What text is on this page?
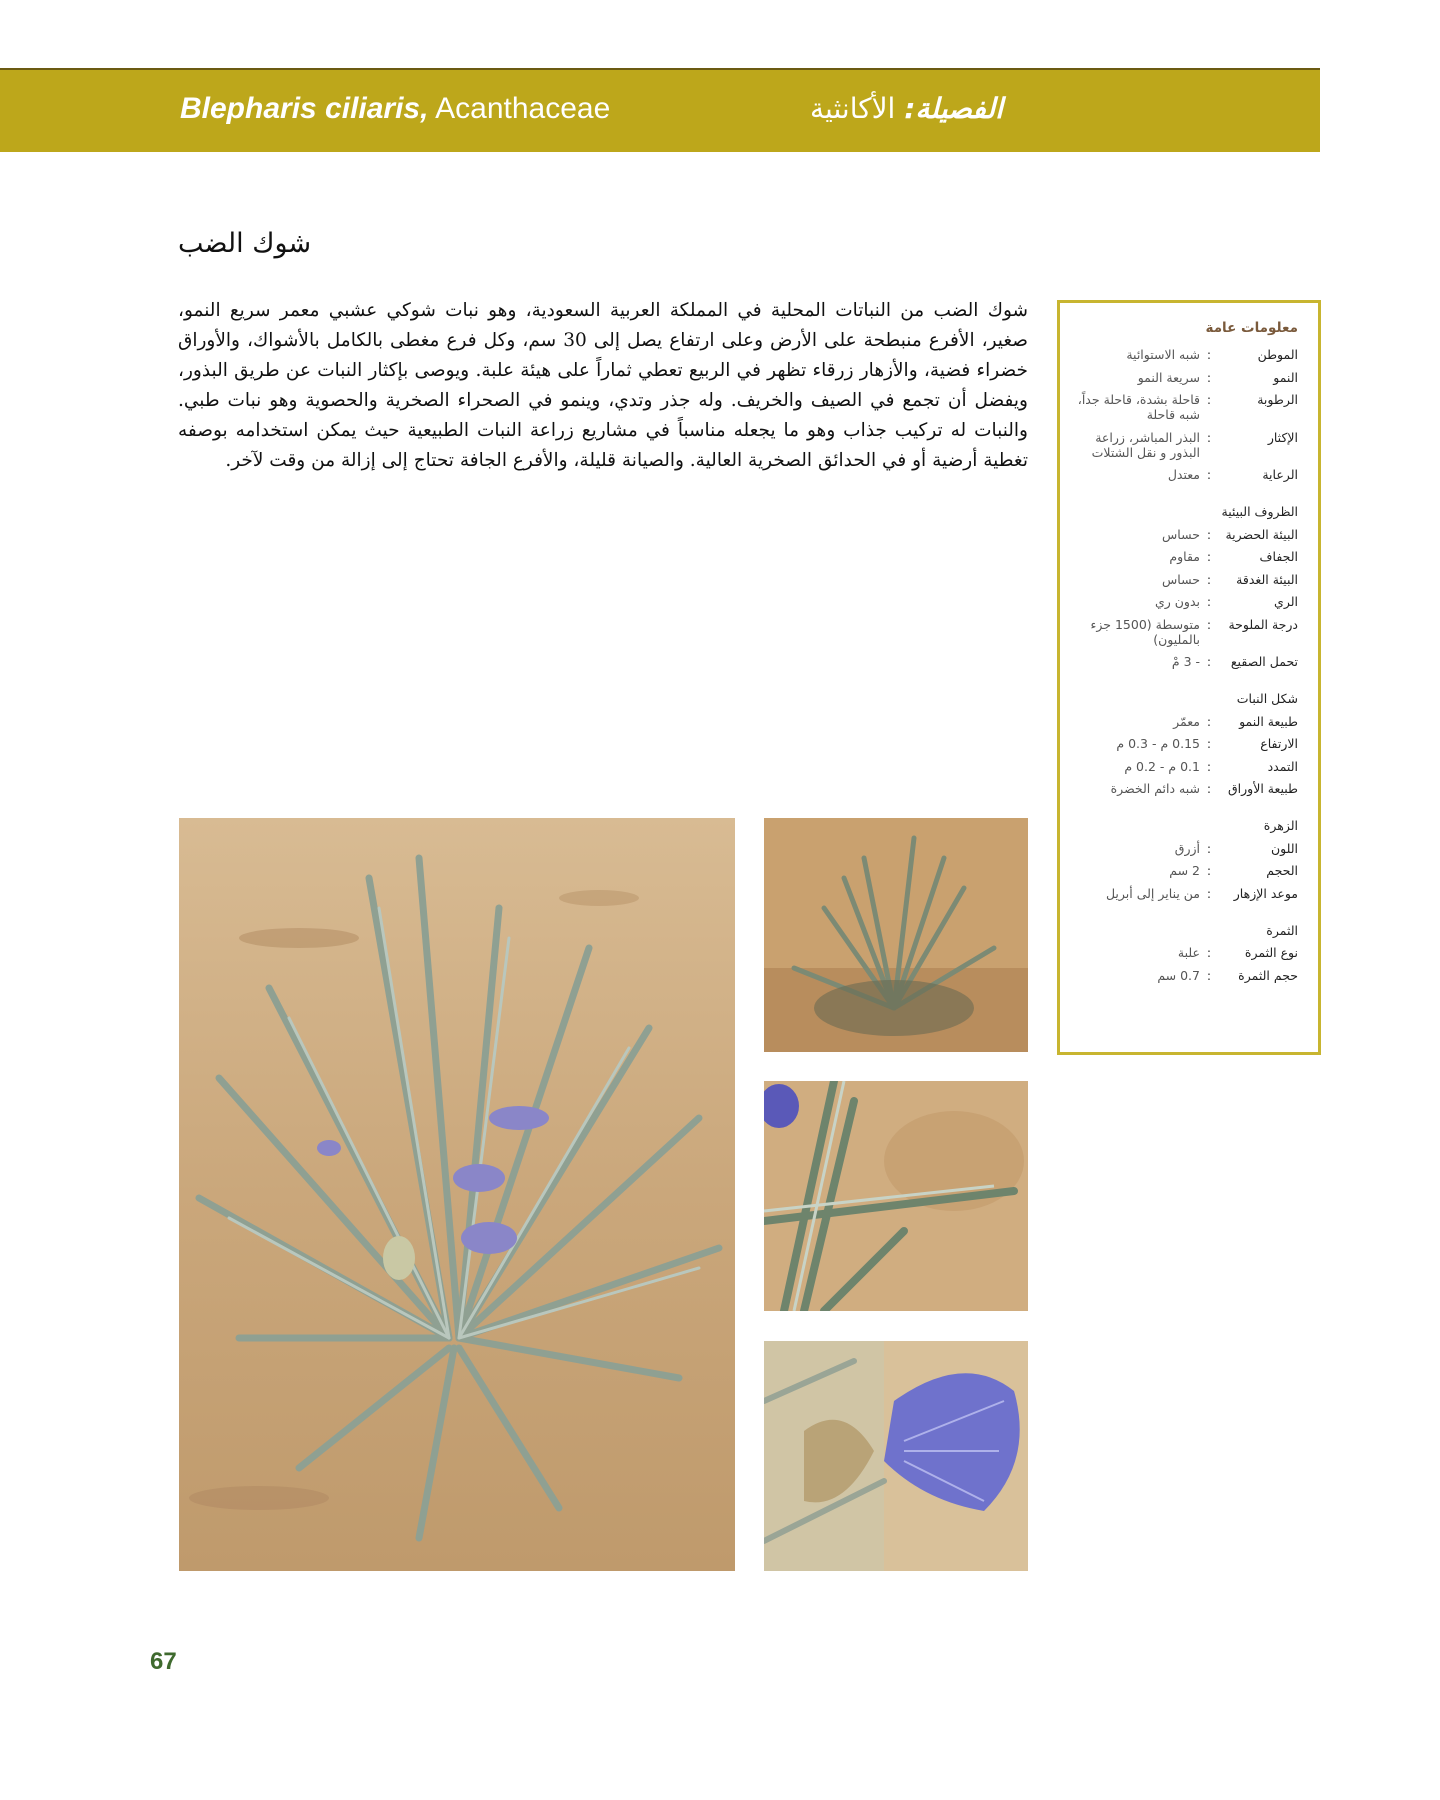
Blepharis ciliaris, Acanthaceae	الفصيلة: الأكانثية
شوك الضب
شوك الضب من النباتات المحلية في المملكة العربية السعودية، وهو نبات شوكي عشبي معمر سريع النمو، صغير، الأفرع منبطحة على الأرض وعلى ارتفاع يصل إلى 30 سم، وكل فرع مغطى بالكامل بالأشواك، والأوراق خضراء فضية، والأزهار زرقاء تظهر في الربيع تعطي ثماراً على هيئة علبة. ويوصى بإكثار النبات عن طريق البذور، ويفضل أن تجمع في الصيف والخريف. وله جذر وتدي، وينمو في الصحراء الصخرية والحصوية وهو نبات طبي. والنبات له تركيب جذاب وهو ما يجعله مناسباً في مشاريع زراعة النبات الطبيعية حيث يمكن استخدامه بوصفه تغطية أرضية أو في الحدائق الصخرية العالية. والصيانة قليلة، والأفرع الجافة تحتاج إلى إزالة من وقت لآخر.
معلومات عامة
الموطن
:
شبه الاستوائية
النمو
:
سريعة النمو
الرطوبة
:
قاحلة بشدة، قاحلة جداً، شبه قاحلة
الإكثار
:
البذر المباشر، زراعة البذور و نقل الشتلات
الرعاية
:
معتدل
الظروف البيئية
البيئة الحضرية
:
حساس
الجفاف
:
مقاوم
البيئة الغدقة
:
حساس
الري
:
بدون ري
درجة الملوحة
:
متوسطة (1500 جزء بالمليون)
تحمل الصقيع
:
- 3 مْ
شكل النبات
طبيعة النمو
:
معمّر
الارتفاع
:
0.15 م - 0.3 م
التمدد
:
0.1 م - 0.2 م
طبيعة الأوراق
:
شبه دائم الخضرة
الزهرة
اللون
:
أزرق
الحجم
:
2 سم
موعد الإزهار
:
من يناير إلى أبريل
الثمرة
نوع الثمرة
:
علبة
حجم الثمرة
:
0.7 سم
67
